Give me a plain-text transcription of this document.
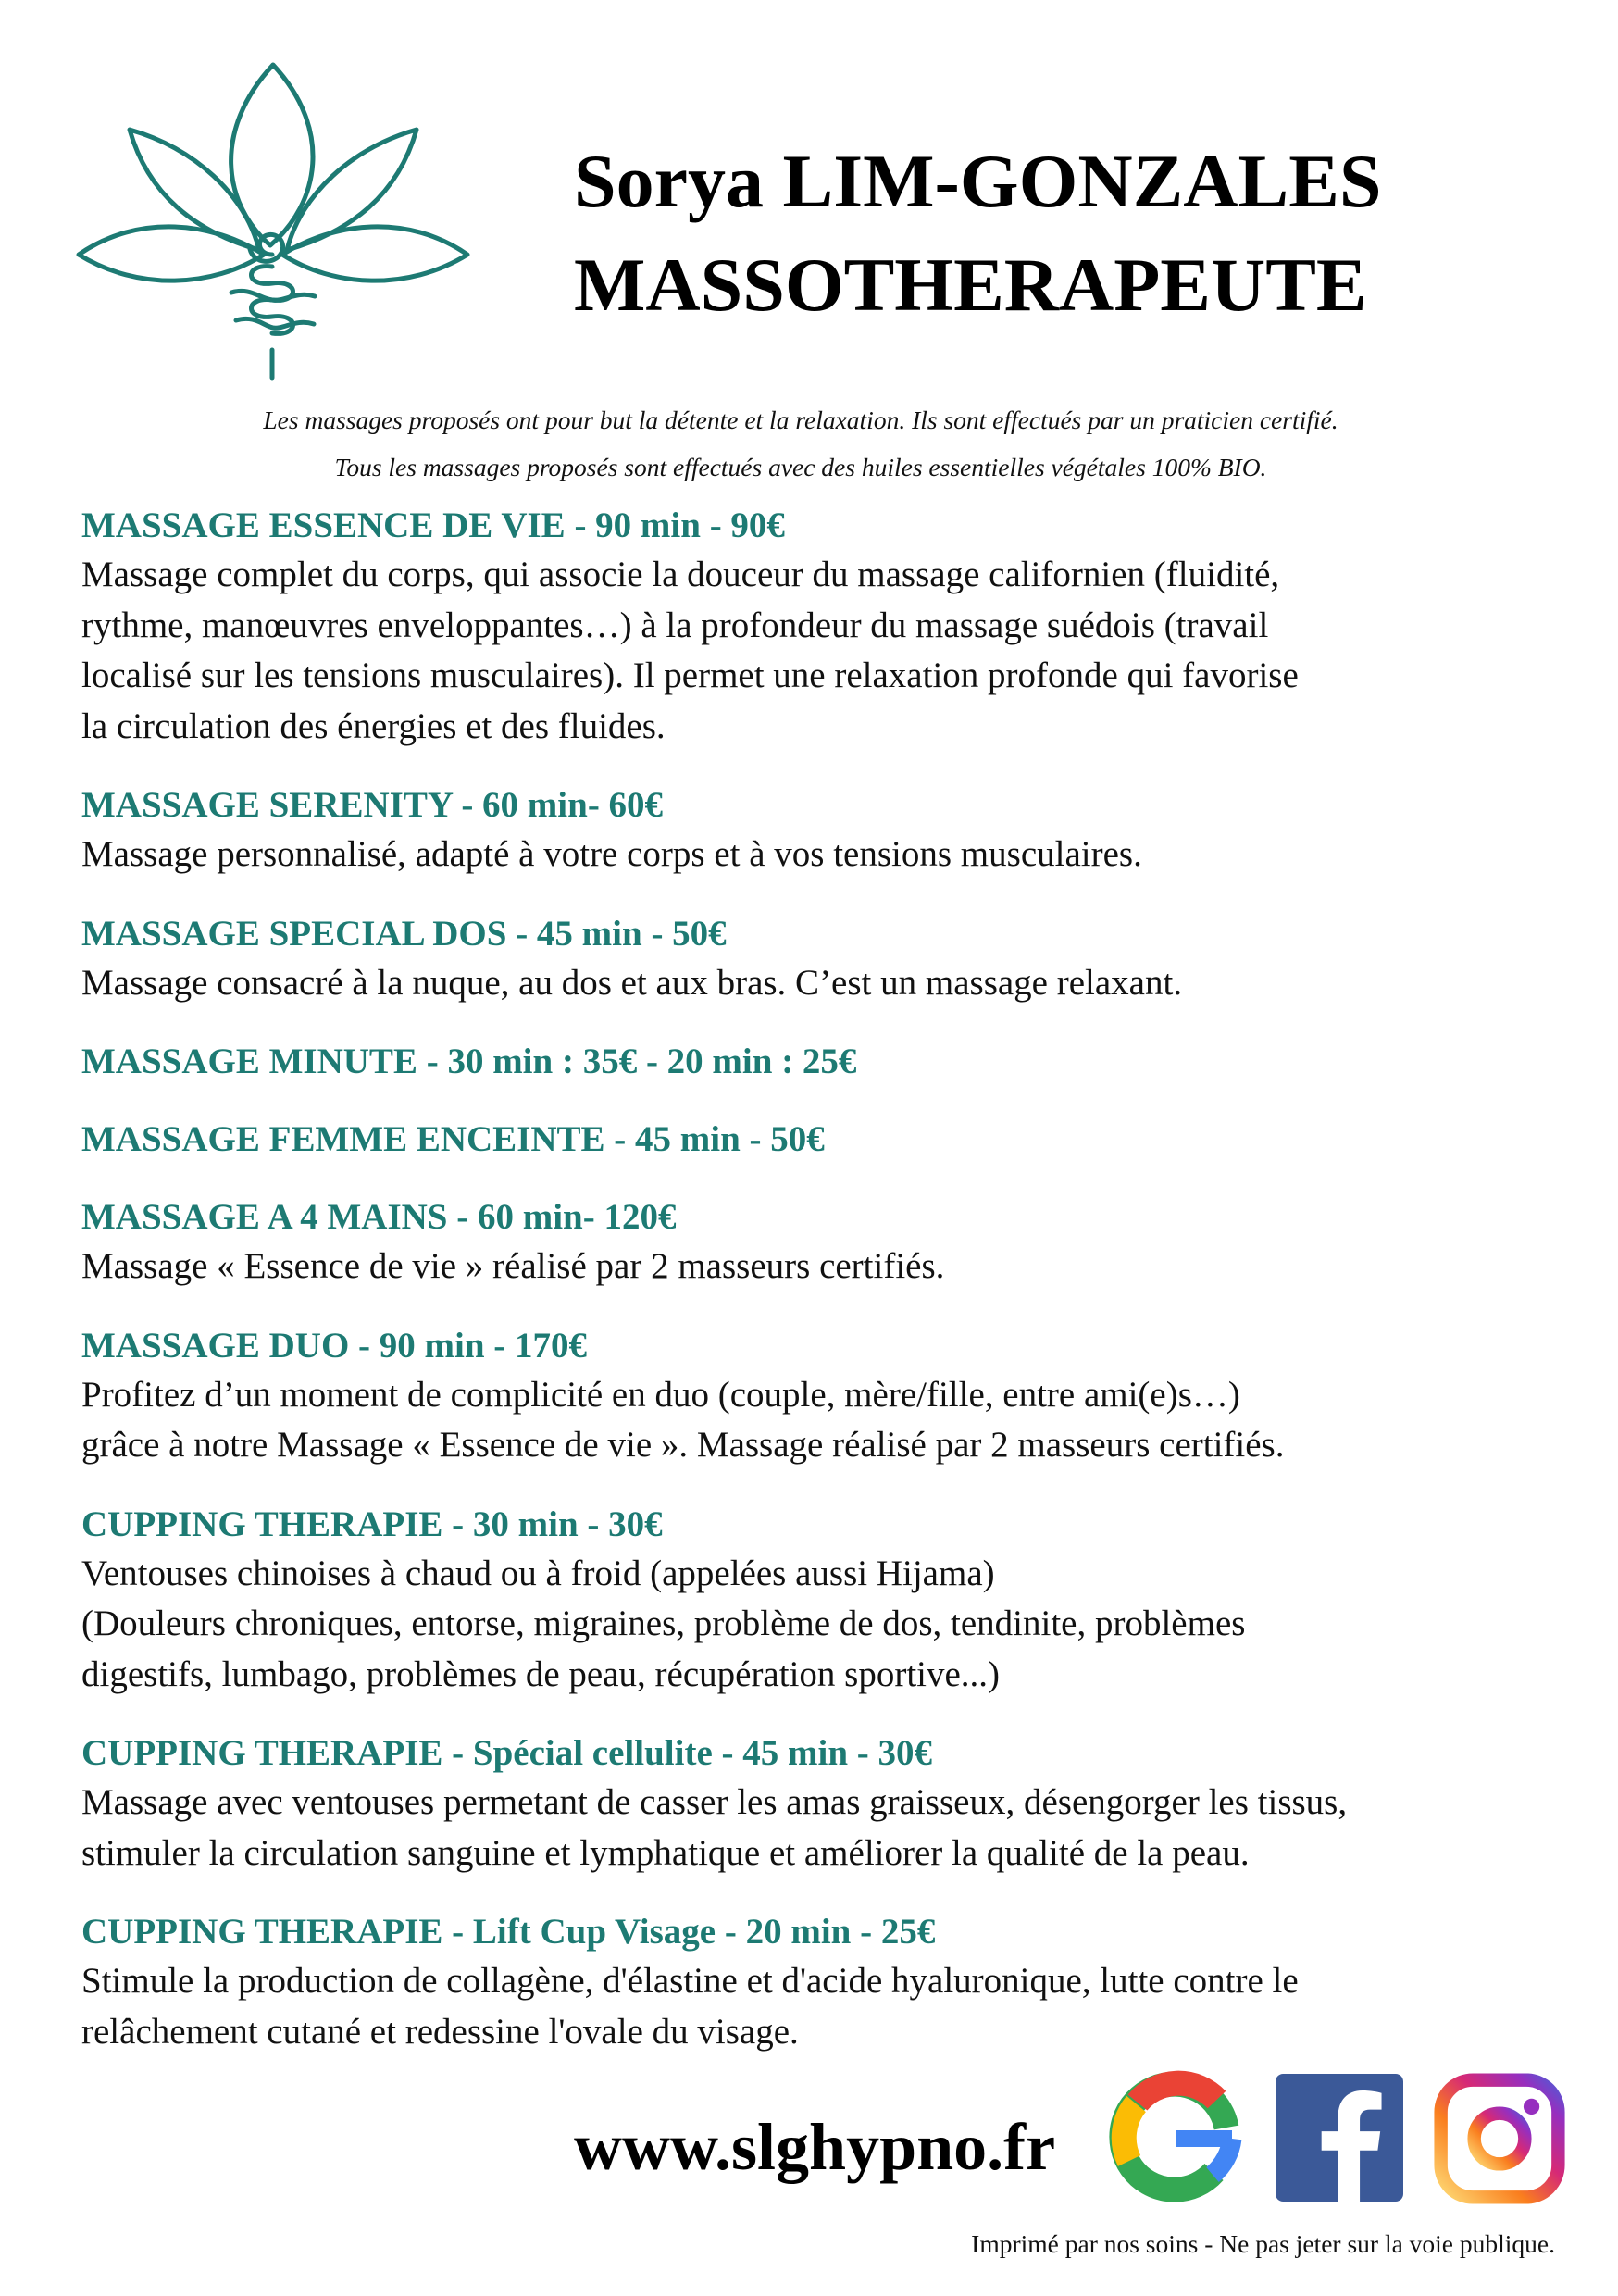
Sorya LIM-GONZALES
MASSOTHERAPEUTE
Les massages proposés ont pour but la détente et la relaxation. Ils sont effectués par un praticien certifié.
Tous les massages proposés sont effectués avec des huiles essentielles végétales 100% BIO.
MASSAGE ESSENCE DE VIE - 90 min - 90€
Massage complet du corps, qui associe la douceur du massage californien (fluidité,
rythme, manœuvres enveloppantes…) à la profondeur du massage suédois (travail
localisé sur les tensions musculaires). Il permet une relaxation profonde qui favorise
la circulation des énergies et des fluides.
MASSAGE SERENITY - 60 min- 60€
Massage personnalisé, adapté à votre corps et à vos tensions musculaires.
MASSAGE SPECIAL DOS - 45 min - 50€
Massage consacré à la nuque, au dos et aux bras. C’est un massage relaxant.
MASSAGE MINUTE - 30 min : 35€ - 20 min : 25€
MASSAGE FEMME ENCEINTE - 45 min - 50€
MASSAGE A 4 MAINS - 60 min- 120€
Massage « Essence de vie » réalisé par 2 masseurs certifiés.
MASSAGE DUO - 90 min - 170€
Profitez d’un moment de complicité en duo (couple, mère/fille, entre ami(e)s…)
grâce à notre Massage « Essence de vie ». Massage réalisé par 2 masseurs certifiés.
CUPPING THERAPIE - 30 min - 30€
Ventouses chinoises à chaud ou à froid (appelées aussi Hijama)
(Douleurs chroniques, entorse, migraines, problème de dos, tendinite, problèmes
digestifs, lumbago, problèmes de peau, récupération sportive...)
CUPPING THERAPIE - Spécial cellulite - 45 min - 30€
Massage avec ventouses permetant de casser les amas graisseux, désengorger les tissus,
stimuler la circulation sanguine et lymphatique et améliorer la qualité de la peau.
CUPPING THERAPIE - Lift Cup Visage - 20 min - 25€
Stimule la production de collagène, d'élastine et d'acide hyaluronique, lutte contre le
relâchement cutané et redessine l'ovale du visage.
www.slghypno.fr
Imprimé par nos soins - Ne pas jeter sur la voie publique.
